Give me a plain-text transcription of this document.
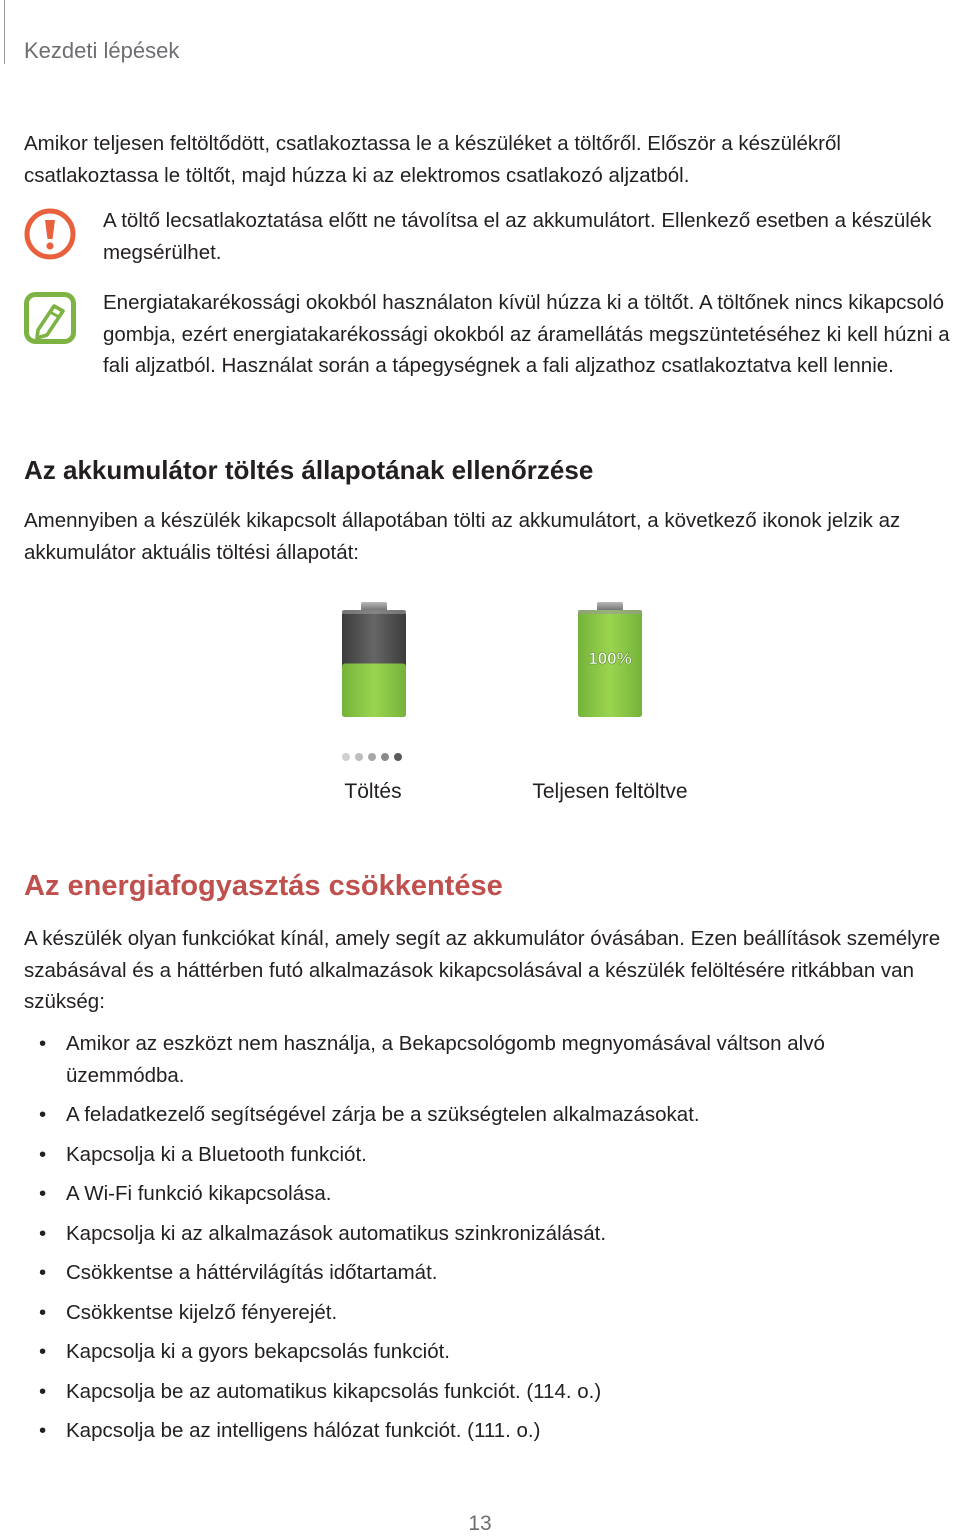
Kezdeti lépések
Amikor teljesen feltöltődött, csatlakoztassa le a készüléket a töltőről. Először a készülékről csatlakoztassa le töltőt, majd húzza ki az elektromos csatlakozó aljzatból.
A töltő lecsatlakoztatása előtt ne távolítsa el az akkumulátort. Ellenkező esetben a készülék megsérülhet.
Energiatakarékossági okokból használaton kívül húzza ki a töltőt. A töltőnek nincs kikapcsoló gombja, ezért energiatakarékossági okokból az áramellátás megszüntetéséhez ki kell húzni a fali aljzatból. Használat során a tápegységnek a fali aljzathoz csatlakoztatva kell lennie.
Az akkumulátor töltés állapotának ellenőrzése
Amennyiben a készülék kikapcsolt állapotában tölti az akkumulátort, a következő ikonok jelzik az akkumulátor aktuális töltési állapotát:
100%
Töltés	Teljesen feltöltve
Az energiafogyasztás csökkentése
A készülék olyan funkciókat kínál, amely segít az akkumulátor óvásában. Ezen beállítások személyre szabásával és a háttérben futó alkalmazások kikapcsolásával a készülék felöltésére ritkábban van szükség:
• Amikor az eszközt nem használja, a Bekapcsológomb megnyomásával váltson alvó üzemmódba.
• A feladatkezelő segítségével zárja be a szükségtelen alkalmazásokat.
• Kapcsolja ki a Bluetooth funkciót.
• A Wi-Fi funkció kikapcsolása.
• Kapcsolja ki az alkalmazások automatikus szinkronizálását.
• Csökkentse a háttérvilágítás időtartamát.
• Csökkentse kijelző fényerejét.
• Kapcsolja ki a gyors bekapcsolás funkciót.
• Kapcsolja be az automatikus kikapcsolás funkciót. (114. o.)
• Kapcsolja be az intelligens hálózat funkciót. (111. o.)
13
